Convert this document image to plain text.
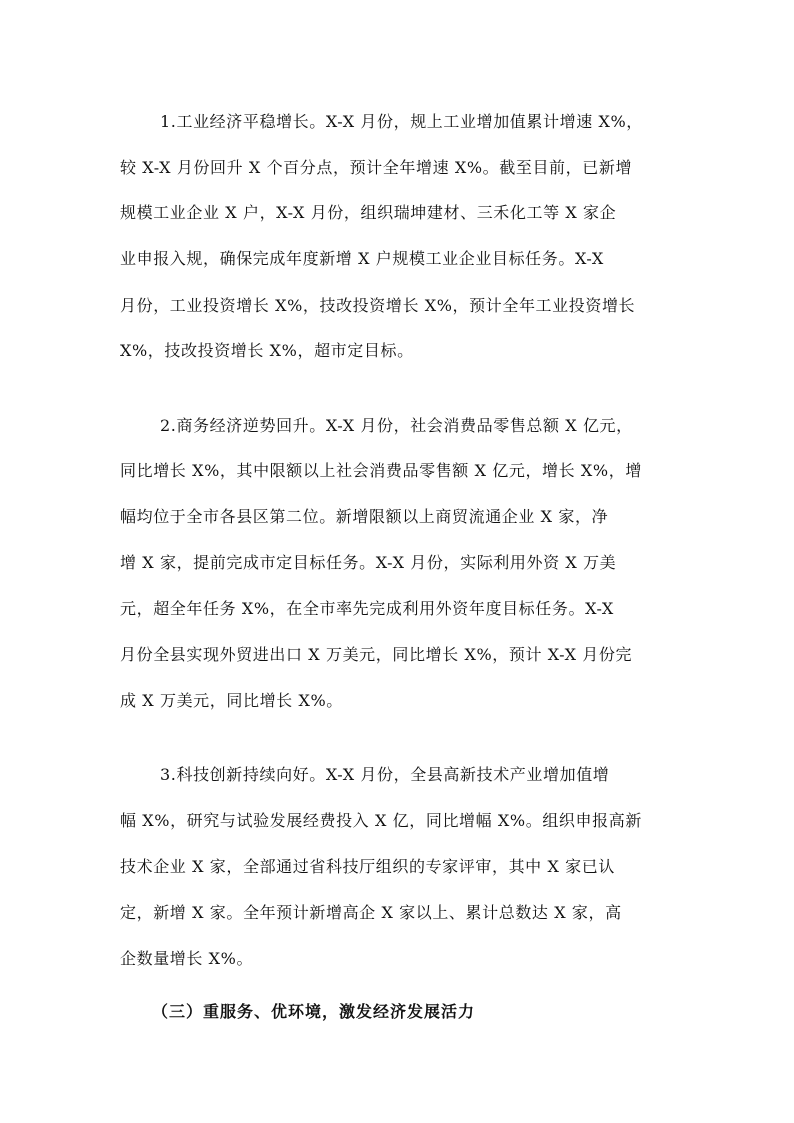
1.工业经济平稳增长。X-X 月份，规上工业增加值累计增速 X%，
较 X-X 月份回升 X 个百分点，预计全年增速 X%。截至目前，已新增
规模工业企业 X 户，X-X 月份，组织瑞坤建材、三禾化工等 X 家企
业申报入规，确保完成年度新增 X 户规模工业企业目标任务。X-X
月份，工业投资增长 X%，技改投资增长 X%，预计全年工业投资增长
X%，技改投资增长 X%，超市定目标。
2.商务经济逆势回升。X-X 月份，社会消费品零售总额 X 亿元，
同比增长 X%，其中限额以上社会消费品零售额 X 亿元，增长 X%，增
幅均位于全市各县区第二位。新增限额以上商贸流通企业 X 家，净
增 X 家，提前完成市定目标任务。X-X 月份，实际利用外资 X 万美
元，超全年任务 X%，在全市率先完成利用外资年度目标任务。X-X
月份全县实现外贸进出口 X 万美元，同比增长 X%，预计 X-X 月份完
成 X 万美元，同比增长 X%。
3.科技创新持续向好。X-X 月份，全县高新技术产业增加值增
幅 X%，研究与试验发展经费投入 X 亿，同比增幅 X%。组织申报高新
技术企业 X 家，全部通过省科技厅组织的专家评审，其中 X 家已认
定，新增 X 家。全年预计新增高企 X 家以上、累计总数达 X 家，高
企数量增长 X%。
（三）重服务、优环境，激发经济发展活力
